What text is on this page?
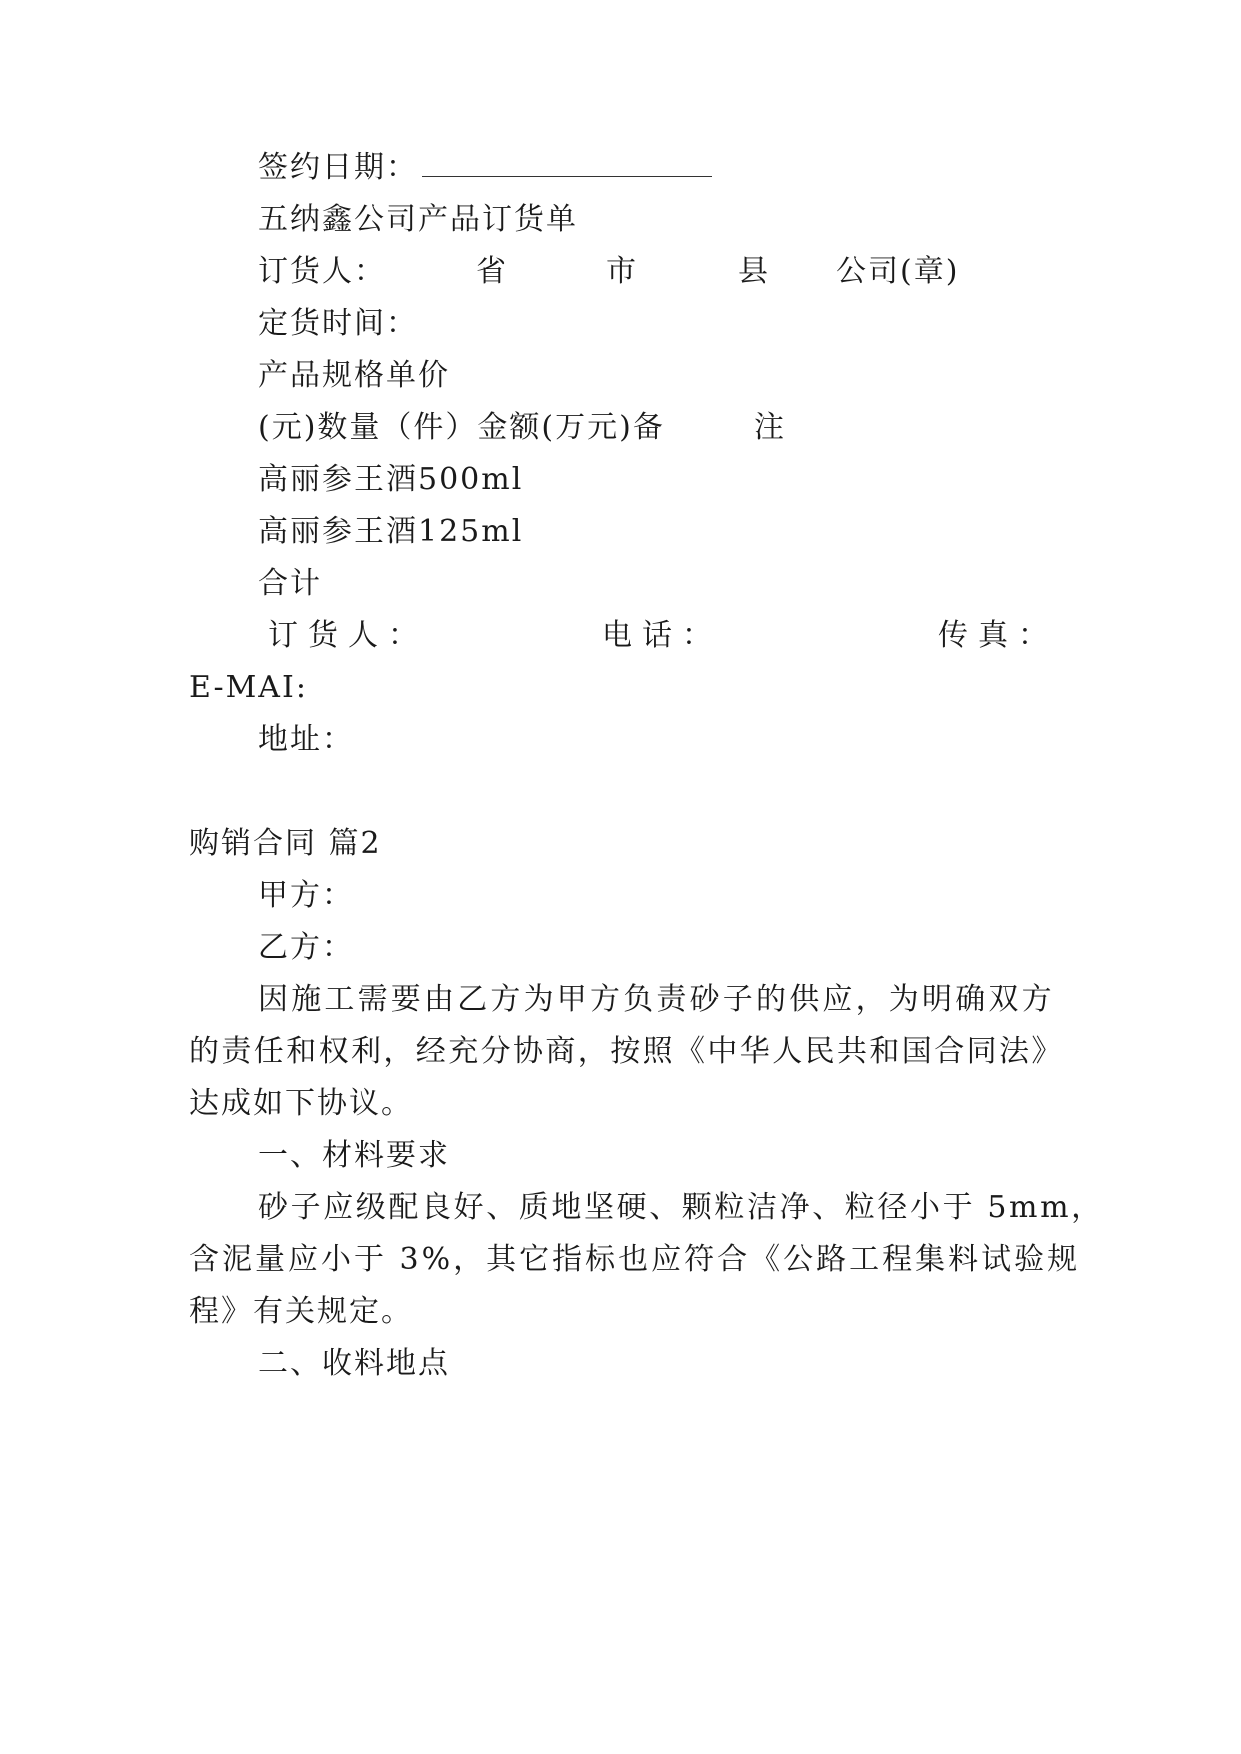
签约日期：
五纳鑫公司产品订货单
订货人：	省	市	县 公司(章)
定货时间：
产品规格单价
(元)数量（件）金额(万元)备	注
高丽参王酒500ml
高丽参王酒125ml
合计
订货人：	电话：	传真：
E-MAI:
地址：
购销合同 篇2
甲方：
乙方：
因施工需要由乙方为甲方负责砂子的供应，为明确双方
的责任和权利，经充分协商，按照《中华人民共和国合同法》
达成如下协议。
一、材料要求
砂子应级配良好、质地坚硬、颗粒洁净、粒径小于 5mm，
含泥量应小于 3%，其它指标也应符合《公路工程集料试验规
程》有关规定。
二、收料地点
